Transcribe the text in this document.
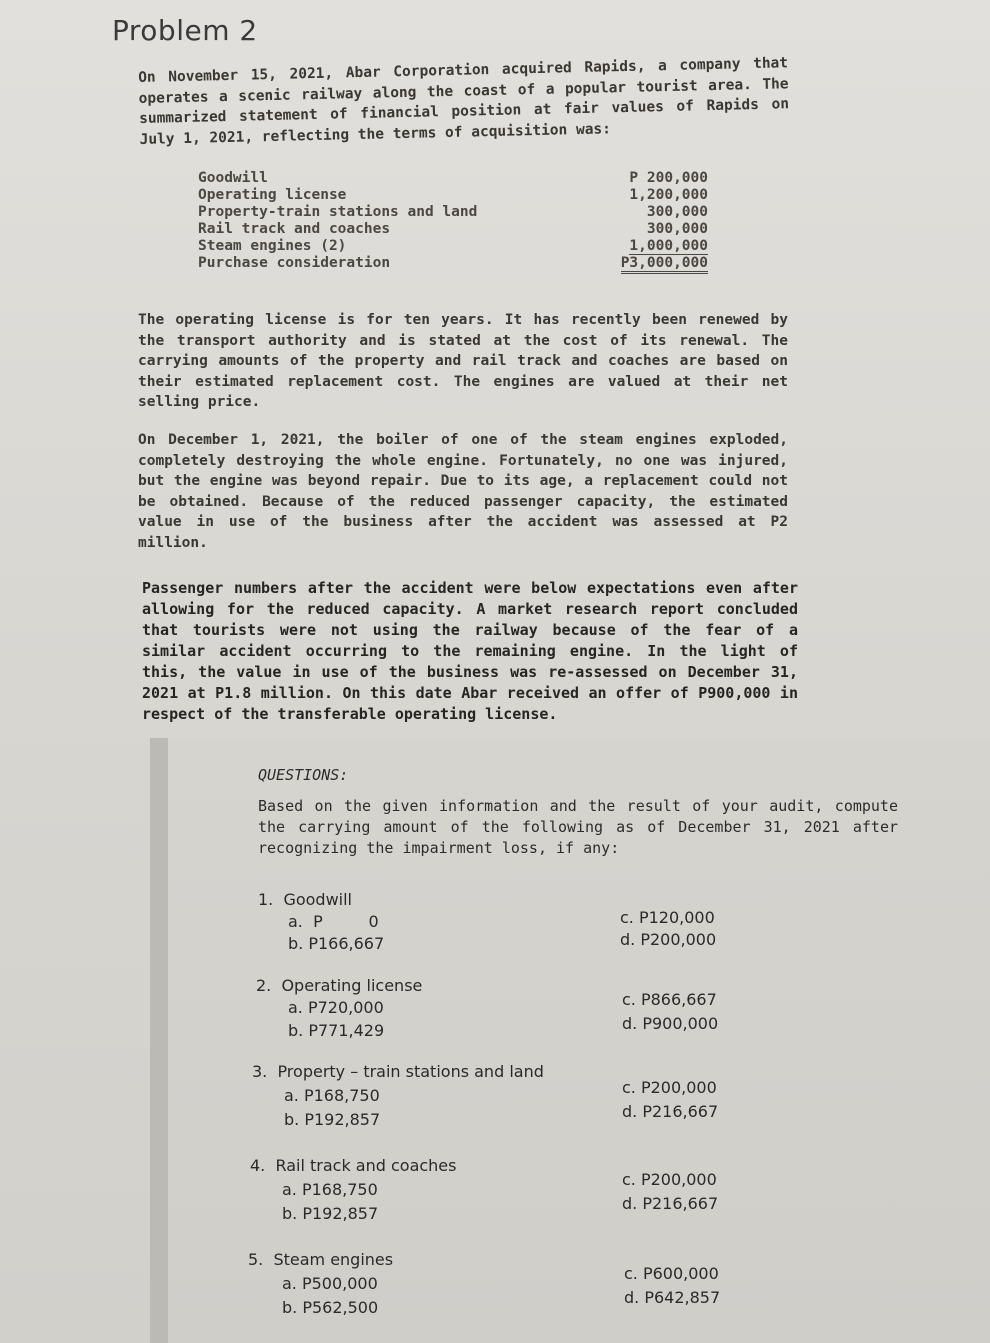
Problem 2
On November 15, 2021, Abar Corporation acquired Rapids, a company that operates a scenic railway along the coast of a popular tourist area. The summarized statement of financial position at fair values of Rapids on July 1, 2021, reflecting the terms of acquisition was:
Goodwill	P 200,000
Operating license	1,200,000
Property-train stations and land	300,000
Rail track and coaches	300,000
Steam engines (2)	1,000,000
Purchase consideration	P3,000,000
The operating license is for ten years. It has recently been renewed by the transport authority and is stated at the cost of its renewal. The carrying amounts of the property and rail track and coaches are based on their estimated replacement cost. The engines are valued at their net selling price.
On December 1, 2021, the boiler of one of the steam engines exploded, completely destroying the whole engine. Fortunately, no one was injured, but the engine was beyond repair. Due to its age, a replacement could not be obtained. Because of the reduced passenger capacity, the estimated value in use of the business after the accident was assessed at P2 million.
Passenger numbers after the accident were below expectations even after allowing for the reduced capacity. A market research report concluded that tourists were not using the railway because of the fear of a similar accident occurring to the remaining engine. In the light of this, the value in use of the business was re-assessed on December 31, 2021 at P1.8 million. On this date Abar received an offer of P900,000 in respect of the transferable operating license.
QUESTIONS:
Based on the given information and the result of your audit, compute the carrying amount of the following as of December 31, 2021 after recognizing the impairment loss, if any:
1. Goodwill
a.  P         0
b. P166,667
c. P120,000
d. P200,000
2. Operating license
a. P720,000
b. P771,429
c. P866,667
d. P900,000
3. Property – train stations and land
a. P168,750
b. P192,857
c. P200,000
d. P216,667
4. Rail track and coaches
a. P168,750
b. P192,857
c. P200,000
d. P216,667
5. Steam engines
a. P500,000
b. P562,500
c. P600,000
d. P642,857
